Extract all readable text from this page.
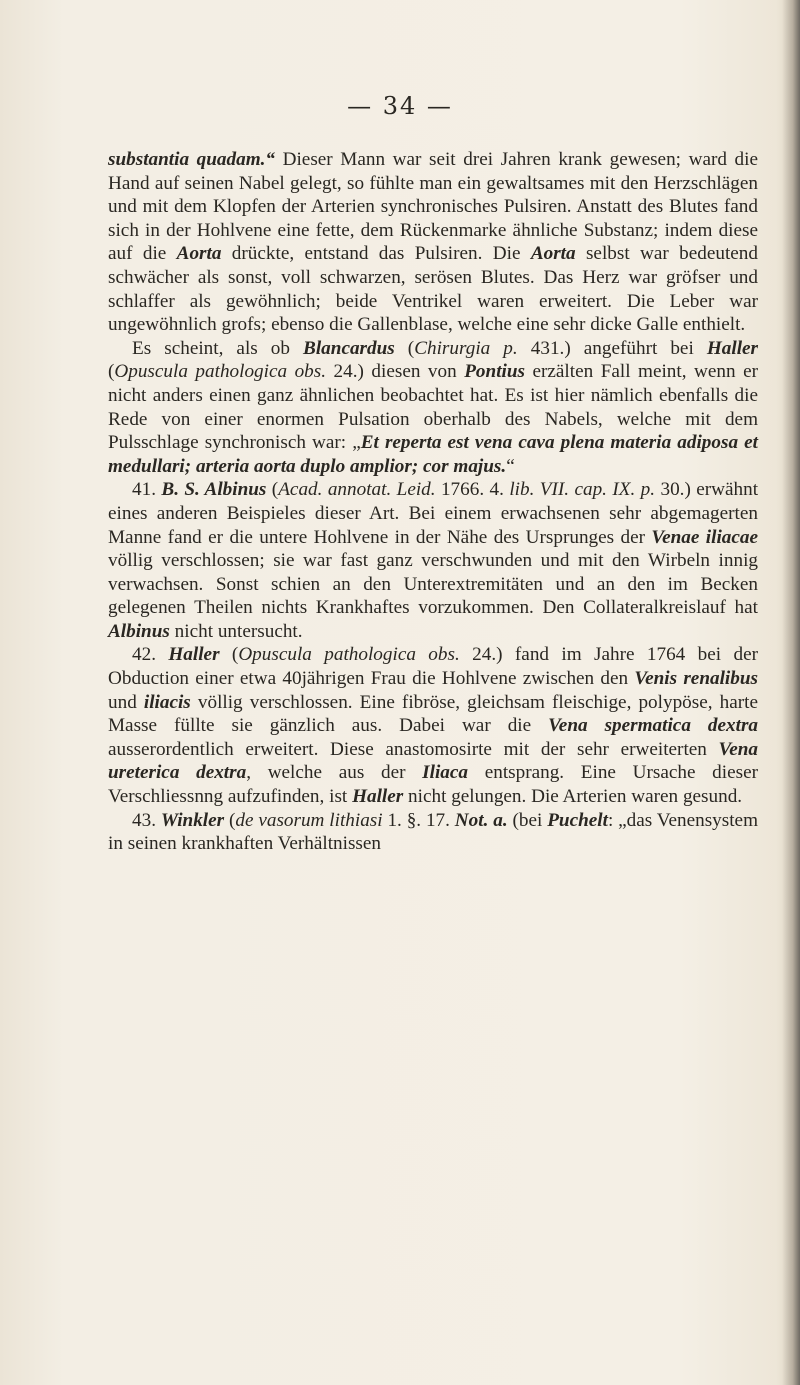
— 34 —

substantia quadam.“ Dieser Mann war seit drei Jahren krank gewesen; ward die Hand auf seinen Nabel gelegt, so fühlte man ein gewaltsames mit den Herzschlägen und mit dem Klopfen der Arterien synchronisches Pulsiren. Anstatt des Blutes fand sich in der Hohlvene eine fette, dem Rückenmarke ähnliche Substanz; indem diese auf die Aorta drückte, entstand das Pulsiren. Die Aorta selbst war bedeutend schwächer als sonst, voll schwarzen, serösen Blutes. Das Herz war gröfser und schlaffer als gewöhnlich; beide Ventrikel waren erweitert. Die Leber war ungewöhnlich grofs; ebenso die Gallenblase, welche eine sehr dicke Galle enthielt.

Es scheint, als ob Blancardus (Chirurgia p. 431.) angeführt bei Haller (Opuscula pathologica obs. 24.) diesen von Pontius erzälten Fall meint, wenn er nicht anders einen ganz ähnlichen beobachtet hat. Es ist hier nämlich ebenfalls die Rede von einer enormen Pulsation oberhalb des Nabels, welche mit dem Pulsschlage synchronisch war: „Et reperta est vena cava plena materia adiposa et medullari; arteria aorta duplo amplior; cor majus.“

41. B. S. Albinus (Acad. annotat. Leid. 1766. 4. lib. VII. cap. IX. p. 30.) erwähnt eines anderen Beispieles dieser Art. Bei einem erwachsenen sehr abgemagerten Manne fand er die untere Hohlvene in der Nähe des Ursprunges der Venae iliacae völlig verschlossen; sie war fast ganz verschwunden und mit den Wirbeln innig verwachsen. Sonst schien an den Unterextremitäten und an den im Becken gelegenen Theilen nichts Krankhaftes vorzukommen. Den Collateralkreislauf hat Albinus nicht untersucht.

42. Haller (Opuscula pathologica obs. 24.) fand im Jahre 1764 bei der Obduction einer etwa 40jährigen Frau die Hohlvene zwischen den Venis renalibus und iliacis völlig verschlossen. Eine fibröse, gleichsam fleischige, polypöse, harte Masse füllte sie gänzlich aus. Dabei war die Vena spermatica dextra ausserordentlich erweitert. Diese anastomosirte mit der sehr erweiterten Vena ureterica dextra, welche aus der Iliaca entsprang. Eine Ursache dieser Verschliessnng aufzufinden, ist Haller nicht gelungen. Die Arterien waren gesund.

43. Winkler (de vasorum lithiasi 1. §. 17. Not. a. (bei Puchelt: „das Venensystem in seinen krankhaften Verhältnissen
